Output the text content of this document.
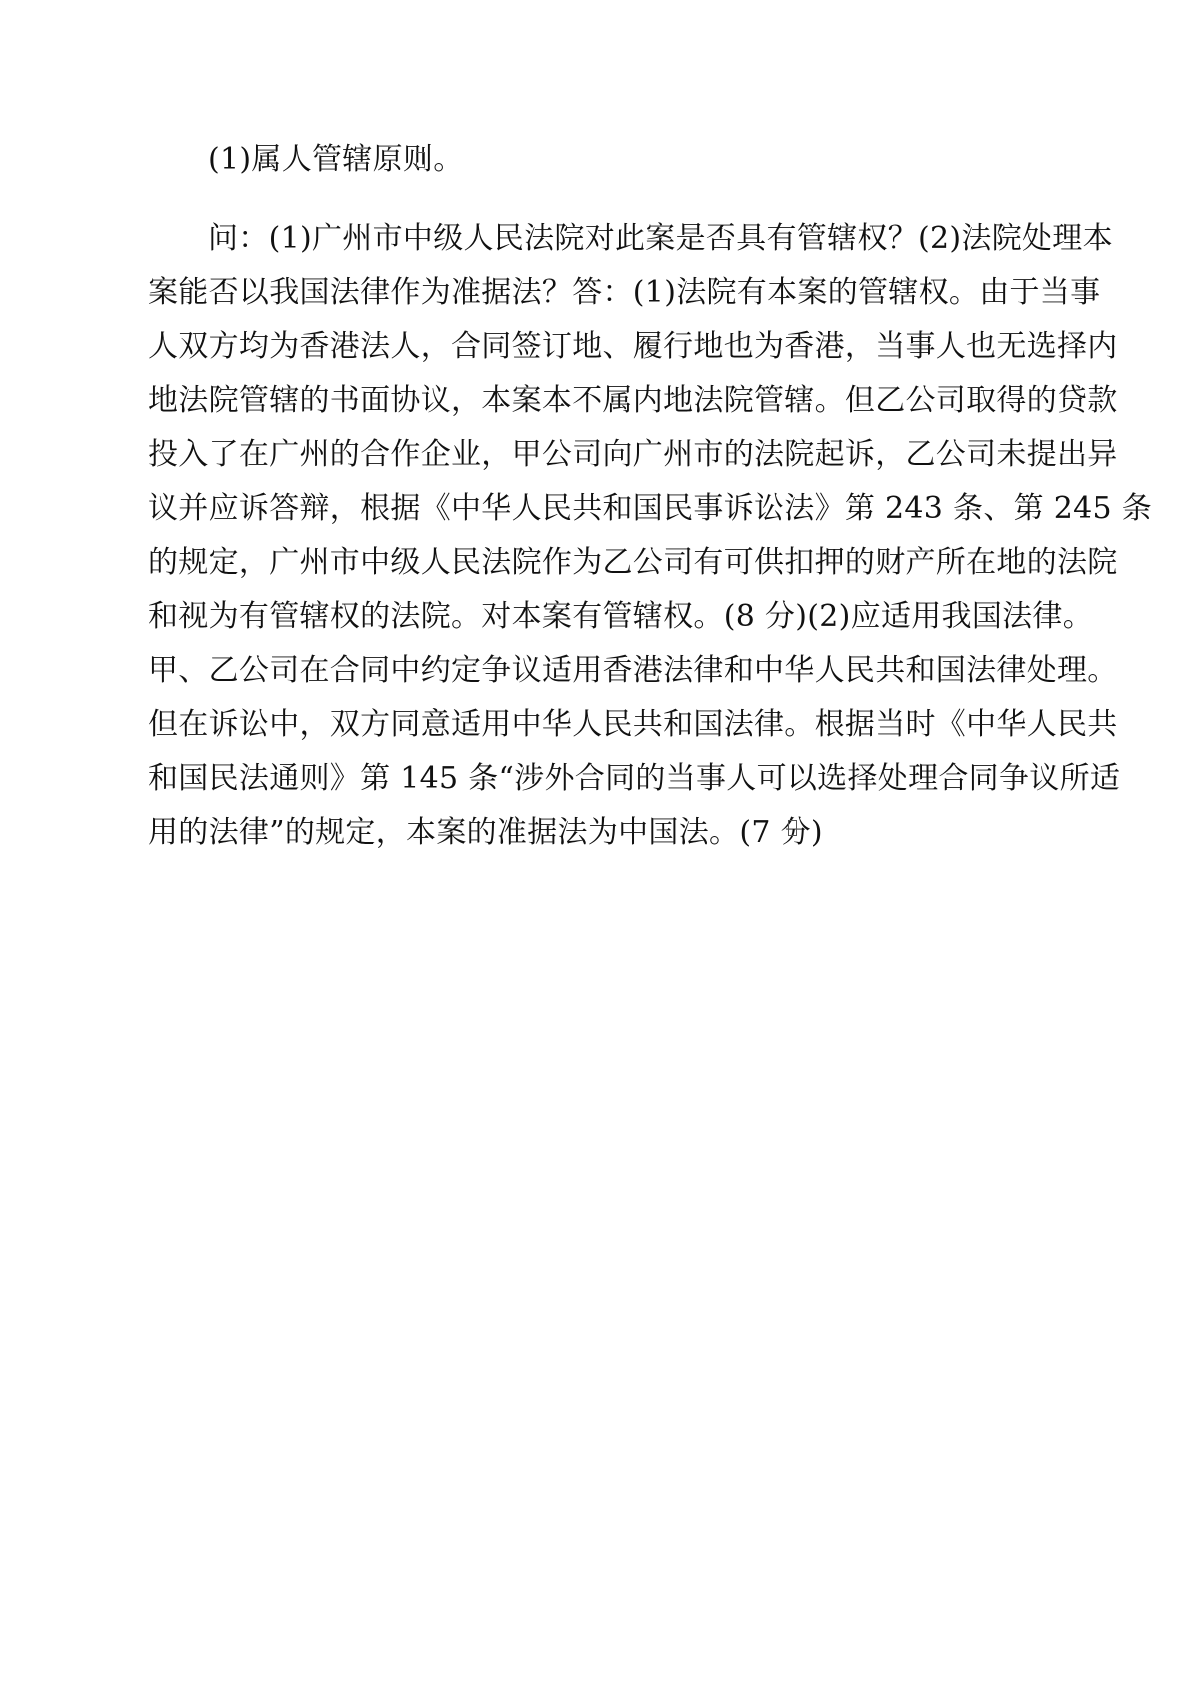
(1)属人管辖原则。

问：(1)广州市中级人民法院对此案是否具有管辖权？(2)法院处理本
案能否以我国法律作为准据法？答：(1)法院有本案的管辖权。由于当事
人双方均为香港法人，合同签订地、履行地也为香港，当事人也无选择内
地法院管辖的书面协议，本案本不属内地法院管辖。但乙公司取得的贷款
投入了在广州的合作企业，甲公司向广州市的法院起诉，乙公司未提出异
议并应诉答辩，根据《中华人民共和国民事诉讼法》第 243 条、第 245 条
的规定，广州市中级人民法院作为乙公司有可供扣押的财产所在地的法院
和视为有管辖权的法院。对本案有管辖权。(8 分)(2)应适用我国法律。
甲、乙公司在合同中约定争议适用香港法律和中华人民共和国法律处理。
但在诉讼中，双方同意适用中华人民共和国法律。根据当时《中华人民共
和国民法通则》第 145 条“涉外合同的当事人可以选择处理合同争议所适
用的法律”的规定，本案的准据法为中国法。(7 分)
